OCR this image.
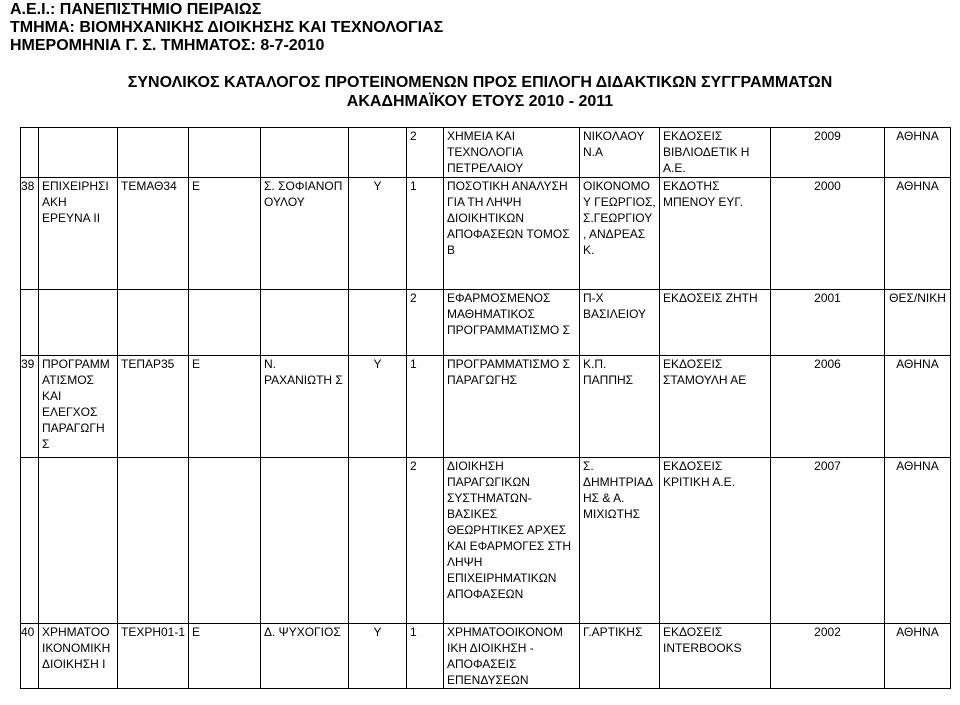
Α.Ε.Ι.: ΠΑΝΕΠΙΣΤΗΜΙΟ ΠΕΙΡΑΙΩΣ
ΤΜΗΜΑ: ΒΙΟΜΗΧΑΝΙΚΗΣ ΔΙΟΙΚΗΣΗΣ ΚΑΙ ΤΕΧΝΟΛΟΓΙΑΣ
ΗΜΕΡΟΜΗΝΙΑ Γ. Σ. ΤΜΗΜΑΤΟΣ: 8-7-2010
ΣΥΝΟΛΙΚΟΣ ΚΑΤΑΛΟΓΟΣ ΠΡΟΤΕΙΝΟΜΕΝΩΝ ΠΡΟΣ ΕΠΙΛΟΓΗ ΔΙΔΑΚΤΙΚΩΝ ΣΥΓΓΡΑΜΜΑΤΩΝ
ΑΚΑΔΗΜΑΪΚΟΥ ΕΤΟΥΣ 2010 - 2011
						2	ΧΗΜΕΙΑ ΚΑΙ ΤΕΧΝΟΛΟΓΙΑ ΠΕΤΡΕΛΑΙΟΥ	ΝΙΚΟΛΑΟΥ Ν.Α	ΕΚΔΟΣΕΙΣ ΒΙΒΛΙΟΔΕΤΙΚ Η Α.Ε.	2009	ΑΘΗΝΑ
38	ΕΠΙΧΕΙΡΗΣΙ ΑΚΗ ΕΡΕΥΝΑ ΙΙ	ΤΕΜΑΘ34	Ε	Σ. ΣΟΦΙΑΝΟΠ ΟΥΛΟΥ	Υ	1	ΠΟΣΟΤΙΚΗ ΑΝΑΛΥΣΗ ΓΙΑ ΤΗ ΛΗΨΗ ΔΙΟΙΚΗΤΙΚΩΝ ΑΠΟΦΑΣΕΩΝ ΤΟΜΟΣ Β	ΟΙΚΟΝΟΜΟ Υ ΓΕΩΡΓΙΟΣ, Σ.ΓΕΩΡΓΙΟΥ , ΑΝΔΡΕΑΣ Κ.	ΕΚΔΟΤΗΣ ΜΠΕΝΟΥ ΕΥΓ.	2000	ΑΘΗΝΑ
						2	ΕΦΑΡΜΟΣΜΕΝΟΣ ΜΑΘΗΜΑΤΙΚΟΣ ΠΡΟΓΡΑΜΜΑΤΙΣΜΟ Σ	Π-Χ ΒΑΣΙΛΕΙΟΥ	ΕΚΔΟΣΕΙΣ ΖΗΤΗ	2001	ΘΕΣ/ΝΙΚΗ
39	ΠΡΟΓΡΑΜΜ ΑΤΙΣΜΟΣ ΚΑΙ ΕΛΕΓΧΟΣ ΠΑΡΑΓΩΓΗ Σ	ΤΕΠΑΡ35	Ε	Ν. ΡΑΧΑΝΙΩΤΗ Σ	Υ	1	ΠΡΟΓΡΑΜΜΑΤΙΣΜΟ Σ ΠΑΡΑΓΩΓΗΣ	Κ.Π. ΠΑΠΠΗΣ	ΕΚΔΟΣΕΙΣ ΣΤΑΜΟΥΛΗ ΑΕ	2006	ΑΘΗΝΑ
						2	ΔΙΟΙΚΗΣΗ ΠΑΡΑΓΩΓΙΚΩΝ ΣΥΣΤΗΜΑΤΩΝ- ΒΑΣΙΚΕΣ ΘΕΩΡΗΤΙΚΕΣ ΑΡΧΕΣ ΚΑΙ ΕΦΑΡΜΟΓΕΣ ΣΤΗ ΛΗΨΗ ΕΠΙΧΕΙΡΗΜΑΤΙΚΩΝ ΑΠΟΦΑΣΕΩΝ	Σ. ΔΗΜΗΤΡΙΑΔ ΗΣ & Α. ΜΙΧΙΩΤΗΣ	ΕΚΔΟΣΕΙΣ ΚΡΙΤΙΚΗ Α.Ε.	2007	ΑΘΗΝΑ
40	ΧΡΗΜΑΤΟΟ ΙΚΟΝΟΜΙΚΗ ΔΙΟΙΚΗΣΗ Ι	ΤΕΧΡΗ01-1	Ε	Δ. ΨΥΧΟΓΙΟΣ	Υ	1	ΧΡΗΜΑΤΟΟΙΚΟΝΟΜ ΙΚΗ ΔΙΟΙΚΗΣΗ - ΑΠΟΦΑΣΕΙΣ ΕΠΕΝΔΥΣΕΩΝ	Γ.ΑΡΤΙΚΗΣ	ΕΚΔΟΣΕΙΣ INTERBOOKS	2002	ΑΘΗΝΑ
